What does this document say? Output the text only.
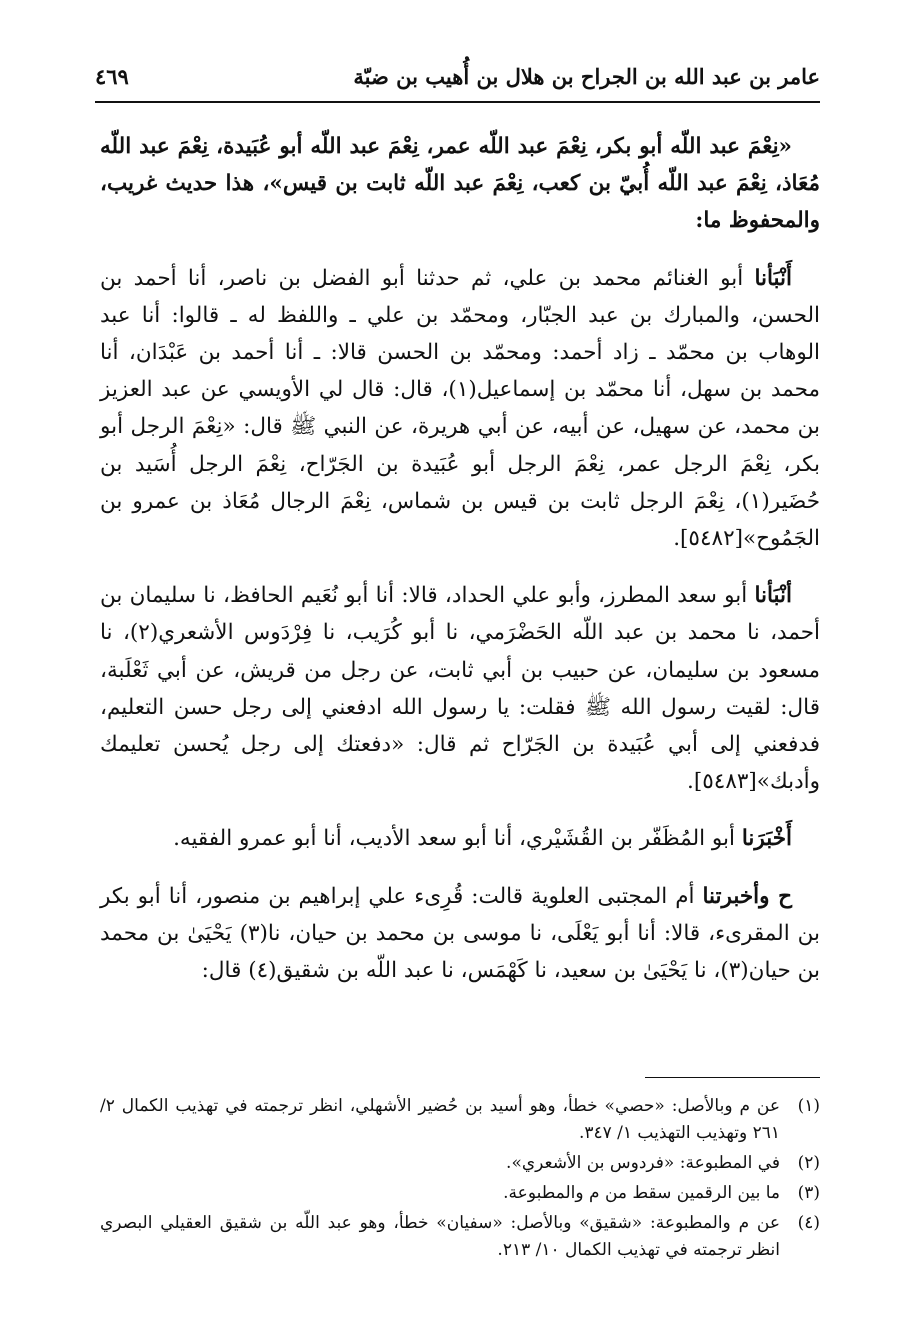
عامر بن عبد الله بن الجراح بن هلال بن أُهيب بن ضبّة
٤٦٩

«نِعْمَ عبد اللّه أبو بكر، نِعْمَ عبد اللّه عمر، نِعْمَ عبد اللّه أبو عُبَيدة، نِعْمَ عبد اللّه مُعَاذ، نِعْمَ عبد اللّه أُبيّ بن كعب، نِعْمَ عبد اللّه ثابت بن قيس»، هذا حديث غريب، والمحفوظ ما:

أَنْبَأنا أبو الغنائم محمد بن علي، ثم حدثنا أبو الفضل بن ناصر، أنا أحمد بن الحسن، والمبارك بن عبد الجبّار، ومحمّد بن علي ـ واللفظ له ـ قالوا: أنا عبد الوهاب بن محمّد ـ زاد أحمد: ومحمّد بن الحسن قالا: ـ أنا أحمد بن عَبْدَان، أنا محمد بن سهل، أنا محمّد بن إسماعيل(١)، قال: قال لي الأويسي عن عبد العزيز بن محمد، عن سهيل، عن أبيه، عن أبي هريرة، عن النبي ﷺ قال: «نِعْمَ الرجل أبو بكر، نِعْمَ الرجل عمر، نِعْمَ الرجل أبو عُبَيدة بن الجَرّاح، نِعْمَ الرجل أُسَيد بن حُضَير(١)، نِعْمَ الرجل ثابت بن قيس بن شماس، نِعْمَ الرجال مُعَاذ بن عمرو بن الجَمُوح»[٥٤٨٢].

أنْبَأنا أبو سعد المطرز، وأبو علي الحداد، قالا: أنا أبو نُعَيم الحافظ، نا سليمان بن أحمد، نا محمد بن عبد اللّه الحَضْرَمي، نا أبو كُرَيب، نا فِرْدَوس الأشعري(٢)، نا مسعود بن سليمان، عن حبيب بن أبي ثابت، عن رجل من قريش، عن أبي ثَعْلَبة، قال: لقيت رسول الله ﷺ فقلت: يا رسول الله ادفعني إلى رجل حسن التعليم، فدفعني إلى أبي عُبَيدة بن الجَرّاح ثم قال: «دفعتك إلى رجل يُحسن تعليمك وأدبك»[٥٤٨٣].

أَخْبَرَنا أبو المُظَفّر بن القُشَيْري، أنا أبو سعد الأديب، أنا أبو عمرو الفقيه.

ح وأخبرتنا أم المجتبى العلوية قالت: قُرِىء علي إبراهيم بن منصور، أنا أبو بكر بن المقرىء، قالا: أنا أبو يَعْلَى، نا موسى بن محمد بن حيان، نا(٣) يَحْيَىٰ بن محمد بن حيان(٣)، نا يَحْيَىٰ بن سعيد، نا كَهْمَس، نا عبد اللّه بن شقيق(٤) قال:

(١)
عن م وبالأصل: «حصي» خطأ، وهو أسيد بن حُضير الأشهلي، انظر ترجمته في تهذيب الكمال ٢/ ٢٦١ وتهذيب التهذيب ١/ ٣٤٧.
(٢)
في المطبوعة: «فردوس بن الأشعري».
(٣)
ما بين الرقمين سقط من م والمطبوعة.
(٤)
عن م والمطبوعة: «شقيق» وبالأصل: «سفيان» خطأ، وهو عبد اللّه بن شقيق العقيلي البصري انظر ترجمته في تهذيب الكمال ١٠/ ٢١٣.
